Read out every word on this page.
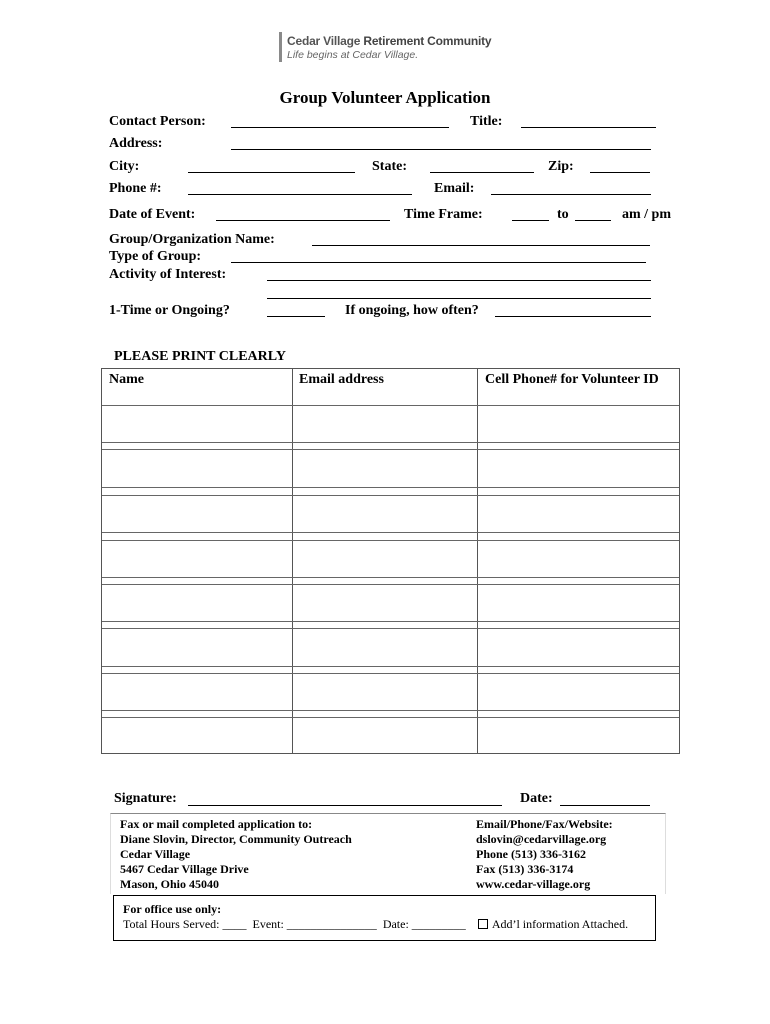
Cedar Village Retirement Community
Life begins at Cedar Village.
Group Volunteer Application
Contact Person:	Title:
Address:
City:	State:	Zip:
Phone #:	Email:
Date of Event:	Time Frame:	to	am / pm
Group/Organization Name:
Type of Group:
Activity of Interest:
1-Time or Ongoing?	If ongoing, how often?
PLEASE PRINT CLEARLY
Name	Email address	Cell Phone# for Volunteer ID
Signature:	Date:
Fax or mail completed application to:
Diane Slovin, Director, Community Outreach
Cedar Village
5467 Cedar Village Drive
Mason, Ohio 45040
Email/Phone/Fax/Website:
dslovin@cedarvillage.org
Phone (513) 336-3162
Fax (513) 336-3174
www.cedar-village.org
For office use only:
Total Hours Served: ____ Event: _______________ Date: _________ Add’l information Attached.
